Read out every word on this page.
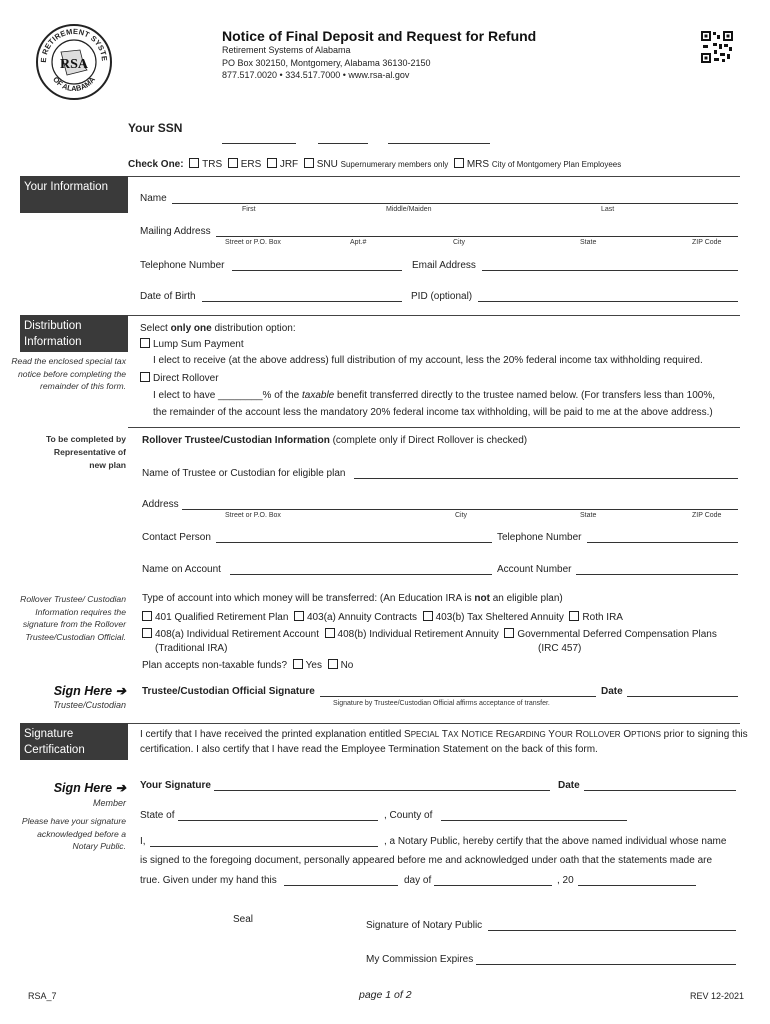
E RETIREMENT SYSTE
OF ALABAMA
RSA
Notice of Final Deposit and Request for Refund
Retirement Systems of Alabama
PO Box 302150, Montgomery, Alabama 36130-2150
877.517.0020 • 334.517.7000 • www.rsa-al.gov
Your SSN
Check One: TRS ERS JRF SNU Supernumerary members only MRS City of Montgomery Plan Employees
Your Information
Name
First	Middle/Maiden	Last
Mailing Address
Street or P.O. Box	Apt.#	City	State	ZIP Code
Telephone Number	Email Address
Date of Birth	PID (optional)
Distribution Information
Read the enclosed special tax notice before completing the remainder of this form.
Select only one distribution option:
Lump Sum Payment
I elect to receive (at the above address) full distribution of my account, less the 20% federal income tax withholding required.
Direct Rollover
I elect to have ________% of the taxable benefit transferred directly to the trustee named below. (For transfers less than 100%,
the remainder of the account less the mandatory 20% federal income tax withholding, will be paid to me at the above address.)
To be completed by Representative of new plan
Rollover Trustee/Custodian Information (complete only if Direct Rollover is checked)
Name of Trustee or Custodian for eligible plan
Address
Street or P.O. Box	City	State	ZIP Code
Contact Person	Telephone Number
Name on Account	Account Number
Rollover Trustee/ Custodian Information requires the signature from the Rollover Trustee/Custodian Official.
Type of account into which money will be transferred: (An Education IRA is not an eligible plan)
401 Qualified Retirement Plan 403(a) Annuity Contracts 403(b) Tax Sheltered Annuity Roth IRA
408(a) Individual Retirement Account 408(b) Individual Retirement Annuity Governmental Deferred Compensation Plans
(Traditional IRA)	(IRC 457)
Plan accepts non-taxable funds? Yes No
Sign Here ➔
Trustee/Custodian
Trustee/Custodian Official Signature	Date
Signature by Trustee/Custodian Official affirms acceptance of transfer.
Signature Certification
I certify that I have received the printed explanation entitled SPECIAL TAX NOTICE REGARDING YOUR ROLLOVER OPTIONS prior to signing this
certification. I also certify that I have read the Employee Termination Statement on the back of this form.
Sign Here ➔
Member
Please have your signature acknowledged before a Notary Public.
Your Signature	Date
State of	, County of
I,	, a Notary Public, hereby certify that the above named individual whose name
is signed to the foregoing document, personally appeared before me and acknowledged under oath that the statements made are
true. Given under my hand this	day of	, 20
Seal
Signature of Notary Public
My Commission Expires
RSA_7	page 1 of 2	REV 12-2021
